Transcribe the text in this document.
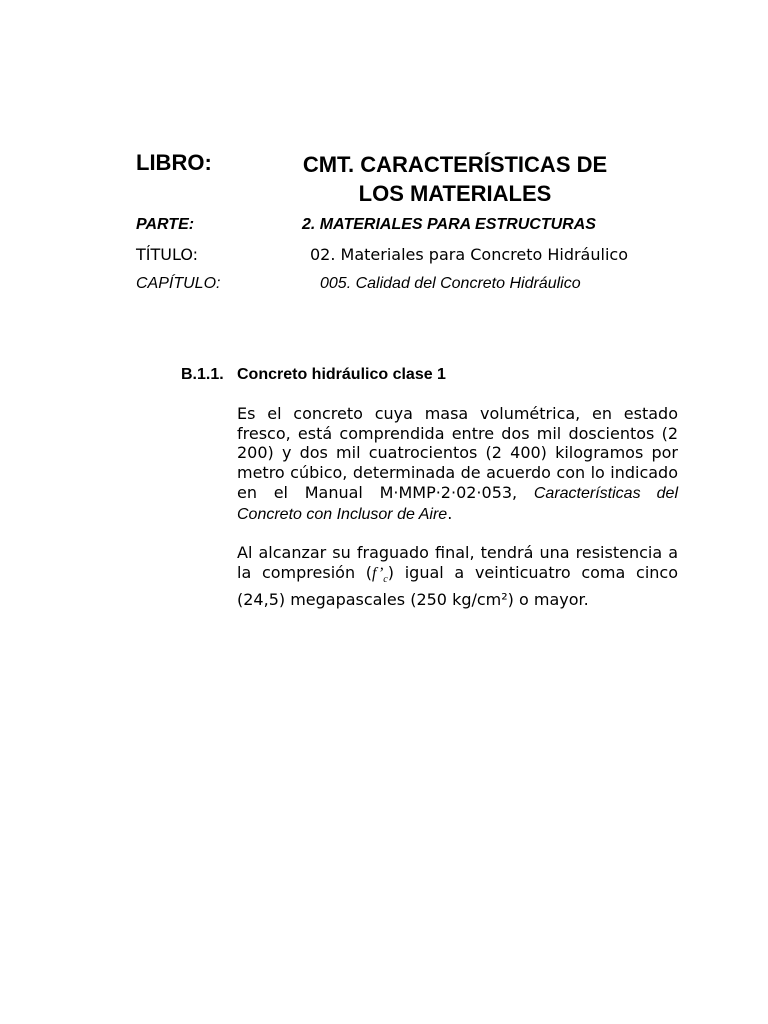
LIBRO:	CMT. CARACTERÍSTICAS DE
LOS MATERIALES
PARTE:	2. MATERIALES PARA ESTRUCTURAS
TÍTULO:	02. Materiales para Concreto Hidráulico
CAPÍTULO:	005. Calidad del Concreto Hidráulico
B.1.1. Concreto hidráulico clase 1
Es el concreto cuya masa volumétrica, en estado fresco, está comprendida entre dos mil doscientos (2 200) y dos mil cuatrocientos (2 400) kilogramos por metro cúbico, determinada de acuerdo con lo indicado en el Manual M·MMP·2·02·053, Características del Concreto con Inclusor de Aire.
Al alcanzar su fraguado final, tendrá una resistencia a la compresión $(f’_c)$ igual a veinticuatro coma cinco (24,5) megapascales (250 kg/cm²) o mayor.
